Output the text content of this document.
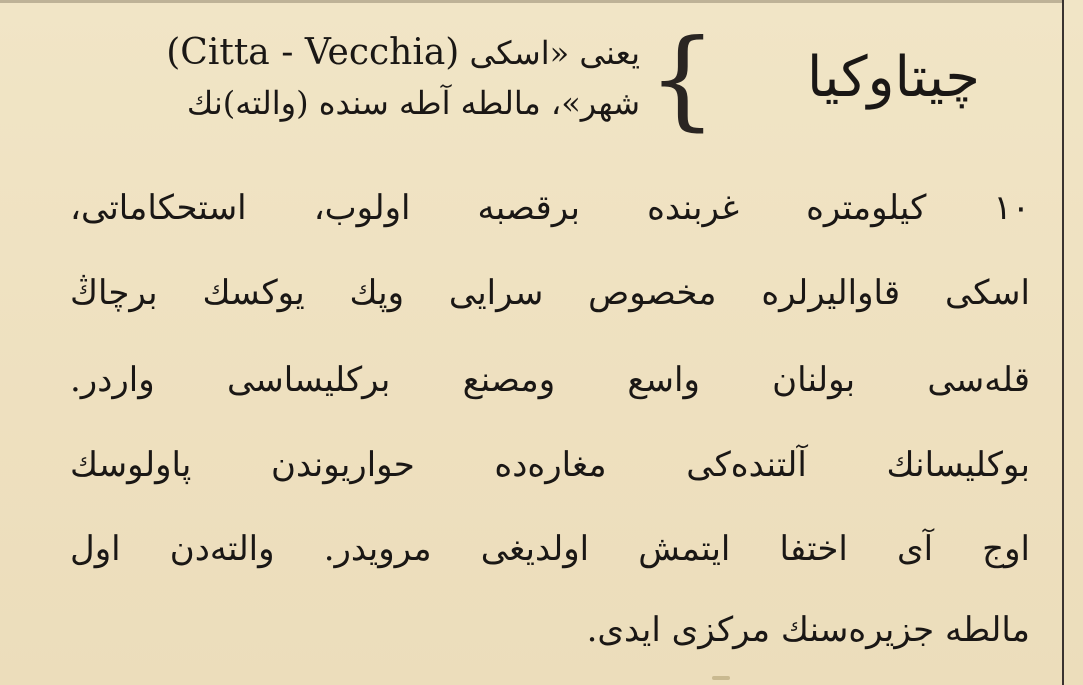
چیتاوکیا
{
(Citta - Vecchia) یعنی «اسکی
شهر»، مالطه آطه سنده (والته)نك
۱۰ کیلومتره غربنده برقصبه اولوب، استحکاماتی،
اسکی قاوالیرلره مخصوص سرایی وپك یوکسك برچاڭ
قله‌سی بولنان واسع ومصنع برکلیساسی واردر.
بوکلیسانك آلتنده‌کی مغاره‌ده حواریوندن پاولوسك
اوج آی اختفا ایتمش اولدیغی مرویدر. والته‌دن اول
مالطه جزیره‌سنك مرکزی ایدی.
